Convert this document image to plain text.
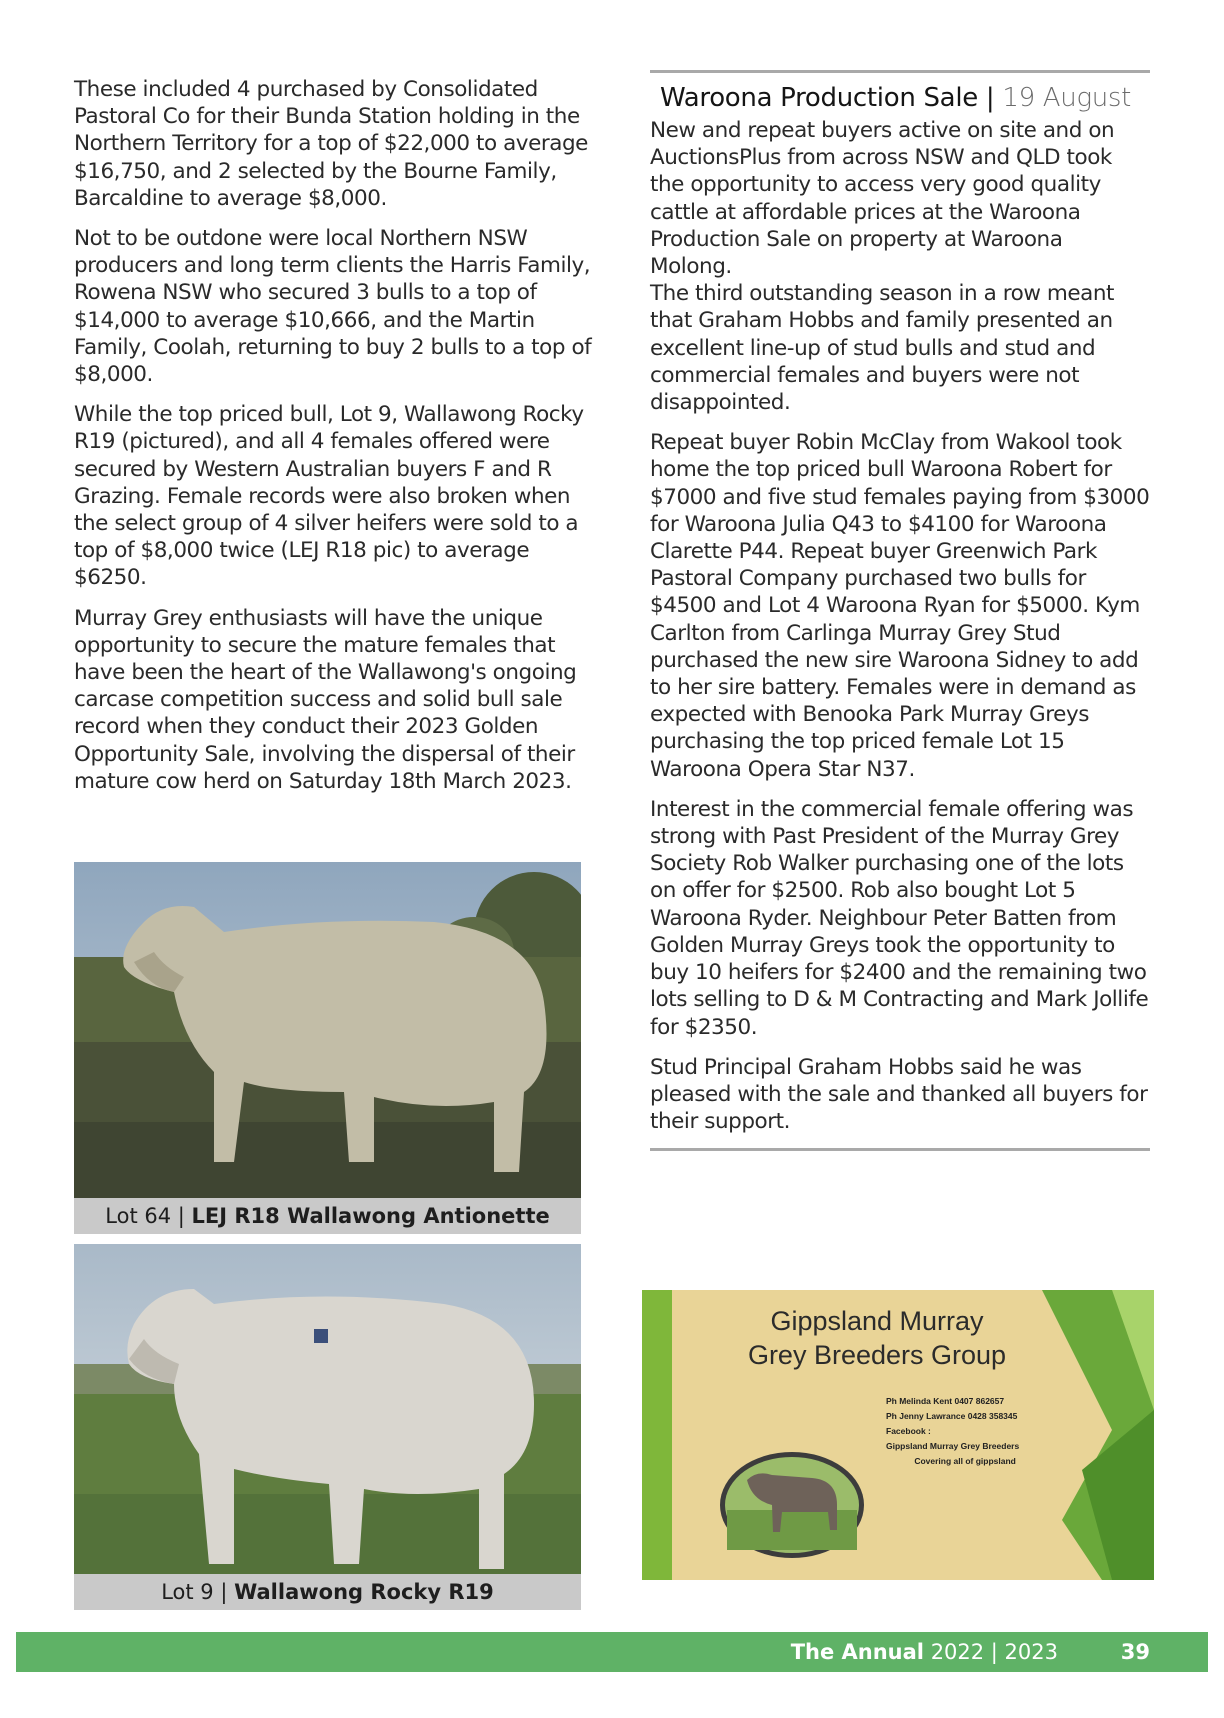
These included 4 purchased by Consolidated Pastoral Co for their Bunda Station holding in the Northern Territory for a top of $22,000 to average $16,750, and 2 selected by the Bourne Family, Barcaldine to average $8,000.

Not to be outdone were local Northern NSW producers and long term clients the Harris Family, Rowena NSW who secured 3 bulls to a top of $14,000 to average $10,666, and the Martin Family, Coolah, returning to buy 2 bulls to a top of $8,000.

While the top priced bull, Lot 9, Wallawong Rocky R19 (pictured), and all 4 females offered were secured by Western Australian buyers F and R Grazing. Female records were also broken when the select group of 4 silver heifers were sold to a top of $8,000 twice (LEJ R18 pic) to average $6250.

Murray Grey enthusiasts will have the unique opportunity to secure the mature females that have been the heart of the Wallawong's ongoing carcase competition success and solid bull sale record when they conduct their 2023 Golden Opportunity Sale, involving the dispersal of their mature cow herd on Saturday 18th March 2023.

Lot 64 | LEJ R18 Wallawong Antionette
Lot 9 | Wallawong Rocky R19
Waroona Production Sale | 19 August

New and repeat buyers active on site and on AuctionsPlus from across NSW and QLD took the opportunity to access very good quality cattle at affordable prices at the Waroona Production Sale on property at Waroona Molong.

The third outstanding season in a row meant that Graham Hobbs and family presented an excellent line-up of stud bulls and stud and commercial females and buyers were not disappointed.

Repeat buyer Robin McClay from Wakool took home the top priced bull Waroona Robert for $7000 and five stud females paying from $3000 for Waroona Julia Q43 to $4100 for Waroona Clarette P44. Repeat buyer Greenwich Park Pastoral Company purchased two bulls for $4500 and Lot 4 Waroona Ryan for $5000. Kym Carlton from Carlinga Murray Grey Stud purchased the new sire Waroona Sidney to add to her sire battery. Females were in demand as expected with Benooka Park Murray Greys purchasing the top priced female Lot 15 Waroona Opera Star N37.

Interest in the commercial female offering was strong with Past President of the Murray Grey Society Rob Walker purchasing one of the lots on offer for $2500. Rob also bought Lot 5 Waroona Ryder. Neighbour Peter Batten from Golden Murray Greys took the opportunity to buy 10 heifers for $2400 and the remaining two lots selling to D & M Contracting and Mark Jollife for $2350.

Stud Principal Graham Hobbs said he was pleased with the sale and thanked all buyers for their support.

Gippsland Murray
Grey Breeders Group
Ph Melinda Kent 0407 862657
Ph Jenny Lawrance 0428 358345
Facebook :
Gippsland Murray Grey Breeders
Covering all of gippsland
The Annual 2022 | 2023	39
